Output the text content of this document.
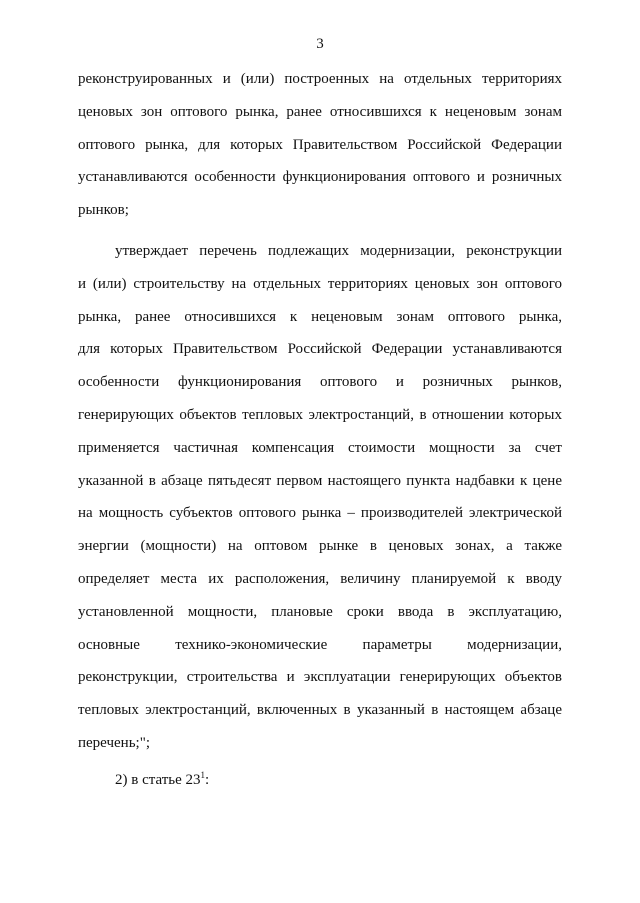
3
реконструированных и (или) построенных на отдельных территориях
ценовых зон оптового рынка, ранее относившихся к неценовым зонам
оптового рынка, для которых Правительством Российской Федерации
устанавливаются особенности функционирования оптового и розничных
рынков;
утверждает перечень подлежащих модернизации, реконструкции
и (или) строительству на отдельных территориях ценовых зон оптового
рынка, ранее относившихся к неценовым зонам оптового рынка,
для которых Правительством Российской Федерации устанавливаются
особенности функционирования оптового и розничных рынков,
генерирующих объектов тепловых электростанций, в отношении которых
применяется частичная компенсация стоимости мощности за счет
указанной в абзаце пятьдесят первом настоящего пункта надбавки к цене
на мощность субъектов оптового рынка – производителей электрической
энергии (мощности) на оптовом рынке в ценовых зонах, а также
определяет места их расположения, величину планируемой к вводу
установленной мощности, плановые сроки ввода в эксплуатацию,
основные технико-экономические параметры модернизации,
реконструкции, строительства и эксплуатации генерирующих объектов
тепловых электростанций, включенных в указанный в настоящем абзаце
перечень;";
2) в статье $23^1$:
